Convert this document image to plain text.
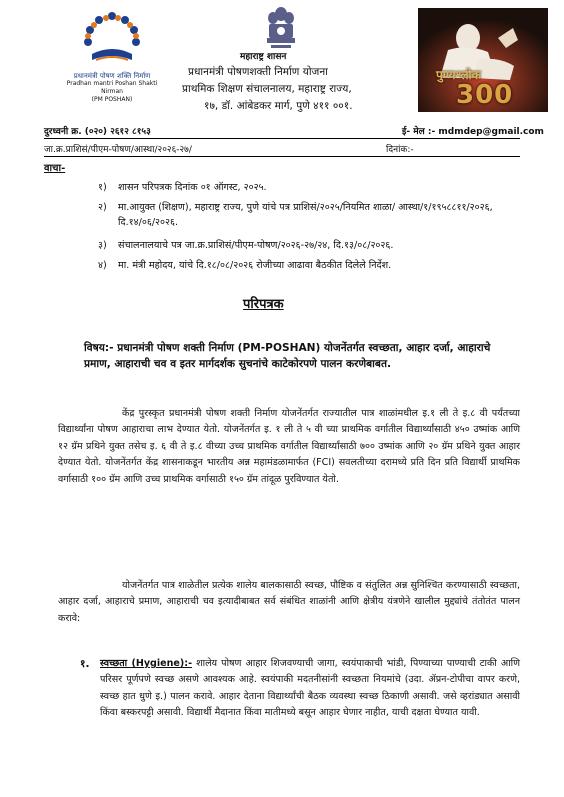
प्रधानमंत्री पोषण शक्ति निर्माण
Pradhan mantri Poshan Shakti Nirman
(PM POSHAN)
महाराष्ट्र शासन
प्रधानमंत्री पोषणशक्ती निर्माण योजना
प्राथमिक शिक्षण संचालनालय, महाराष्ट्र राज्य,
१७, डॉ. आंबेडकर मार्ग, पुणे ४११ ००१.
पुण्यश्लोक
300
दुरध्वनी क्र. (०२०) २६१२ ८१५३	ई- मेल :- mdmdep@gmail.com
जा.क्र.प्राशिसं/पीएम-पोषण/आस्था/२०२६-२७/	दिनांक:-
वाचा-
१)	शासन परिपत्रक दिनांक ०१ ऑगस्ट, २०२५.
२)	मा.आयुक्त (शिक्षण), महाराष्ट्र राज्य, पुणे यांचे पत्र प्राशिसं/२०२५/नियमित शाळा/ आस्था/१/१९५८८११/२०२६, दि.१४/०६/२०२६.
३)	संचालनालयाचे पत्र जा.क्र.प्राशिसं/पीएम-पोषण/२०२६-२७/२४, दि.१३/०८/२०२६.
४)	मा. मंत्री महोदय, यांचे दि.१८/०८/२०२६ रोजीच्या आढावा बैठकीत दिलेले निर्देश.
परिपत्रक
विषय:- प्रधानमंत्री पोषण शक्ती निर्माण (PM-POSHAN) योजनेंतर्गत स्वच्छता, आहार दर्जा, आहाराचे प्रमाण, आहाराची चव व इतर मार्गदर्शक सुचनांचे काटेकोरपणे पालन करणेबाबत.
केंद्र पुरस्कृत प्रधानमंत्री पोषण शक्ती निर्माण योजनेंतर्गत राज्यातील पात्र शाळांमधील इ.१ ली ते इ.८ वी पर्यंतच्या विद्यार्थ्यांना पोषण आहाराचा लाभ देण्यात येतो. योजनेंतर्गत इ. १ ली ते ५ वी च्या प्राथमिक वर्गातील विद्यार्थ्यांसाठी ४५० उष्मांक आणि १२ ग्रॅम प्रथिने युक्त तसेच इ. ६ वी ते इ.८ वीच्या उच्च प्राथमिक वर्गातील विद्यार्थ्यांसाठी ७०० उष्मांक आणि २० ग्रॅम प्रथिने युक्त आहार देण्यात येतो. योजनेंतर्गत केंद्र शासनाकडून भारतीय अन्न महामंडळामार्फत (FCI) सवलतीच्या दरामध्ये प्रति दिन प्रति विद्यार्थी प्राथमिक वर्गासाठी १०० ग्रॅम आणि उच्च प्राथमिक वर्गासाठी १५० ग्रॅम तांदूळ पुरविण्यात येतो.
योजनेंतर्गत पात्र शाळेतील प्रत्येक शालेय बालकासाठी स्वच्छ, पौष्टिक व संतुलित अन्न सुनिश्चित करण्यासाठी स्वच्छता, आहार दर्जा, आहाराचे प्रमाण, आहाराची चव इत्यादीबाबत सर्व संबंधित शाळांनी आणि क्षेत्रीय यंत्रणेने खालील मुद्द्यांचे तंतोतंत पालन करावे:
१. स्वच्छता (Hygiene):- शालेय पोषण आहार शिजवण्याची जागा, स्वयंपाकाची भांडी, पिण्याच्या पाण्याची टाकी आणि परिसर पूर्णपणे स्वच्छ असणे आवश्यक आहे. स्वयंपाकी मदतनीसांनी स्वच्छता नियमांचे (उदा. ॲप्रन-टोपीचा वापर करणे, स्वच्छ हात धुणे इ.) पालन करावे. आहार देताना विद्यार्थ्यांची बैठक व्यवस्था स्वच्छ ठिकाणी असावी. जसे व्हरांड्यात असावी किंवा बस्करपट्टी असावी. विद्यार्थी मैदानात किंवा मातीमध्ये बसून आहार घेणार नाहीत, याची दक्षता घेण्यात यावी.
